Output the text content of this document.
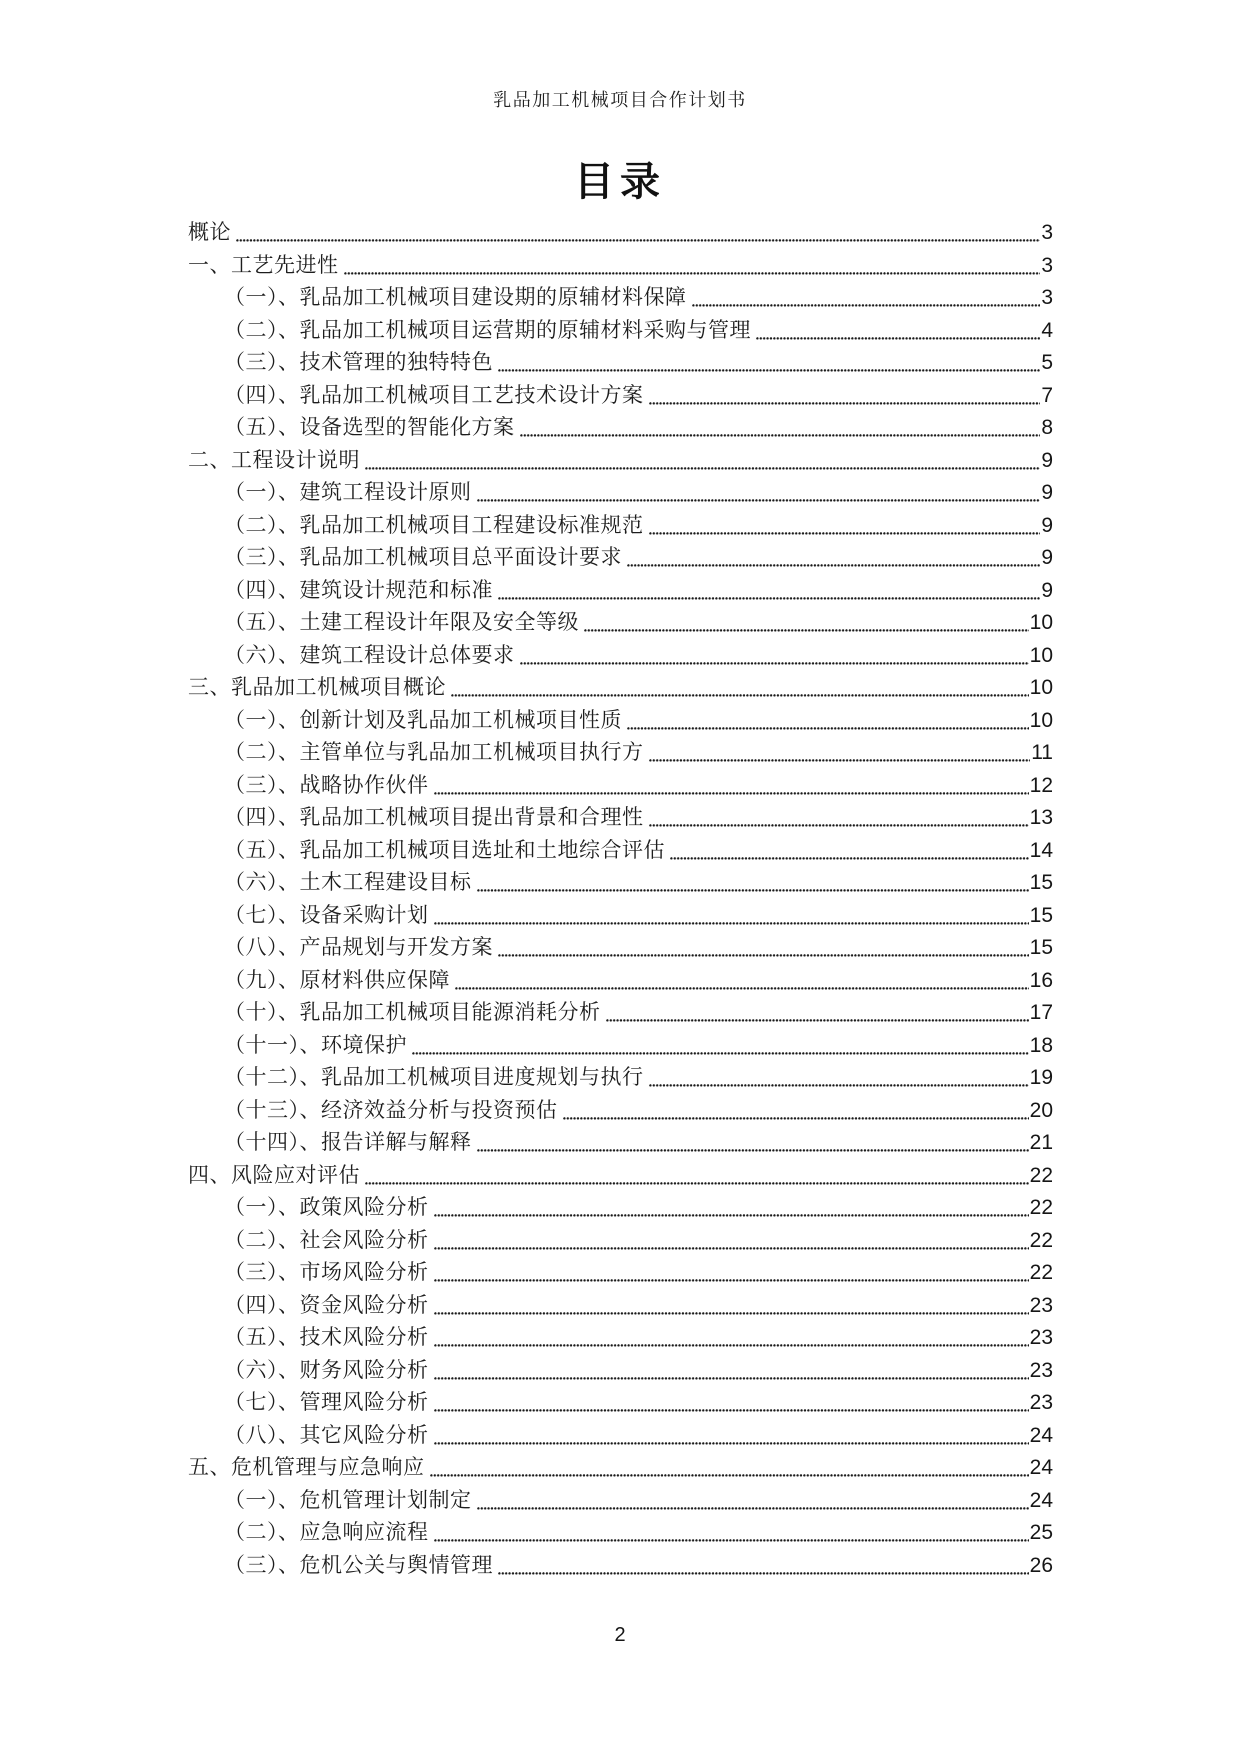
乳品加工机械项目合作计划书
目录
概论	3
一、工艺先进性	3
（一）、乳品加工机械项目建设期的原辅材料保障	3
（二）、乳品加工机械项目运营期的原辅材料采购与管理	4
（三）、技术管理的独特特色	5
（四）、乳品加工机械项目工艺技术设计方案	7
（五）、设备选型的智能化方案	8
二、工程设计说明	9
（一）、建筑工程设计原则	9
（二）、乳品加工机械项目工程建设标准规范	9
（三）、乳品加工机械项目总平面设计要求	9
（四）、建筑设计规范和标准	9
（五）、土建工程设计年限及安全等级	10
（六）、建筑工程设计总体要求	10
三、乳品加工机械项目概论	10
（一）、创新计划及乳品加工机械项目性质	10
（二）、主管单位与乳品加工机械项目执行方	11
（三）、战略协作伙伴	12
（四）、乳品加工机械项目提出背景和合理性	13
（五）、乳品加工机械项目选址和土地综合评估	14
（六）、土木工程建设目标	15
（七）、设备采购计划	15
（八）、产品规划与开发方案	15
（九）、原材料供应保障	16
（十）、乳品加工机械项目能源消耗分析	17
（十一）、环境保护	18
（十二）、乳品加工机械项目进度规划与执行	19
（十三）、经济效益分析与投资预估	20
（十四）、报告详解与解释	21
四、风险应对评估	22
（一）、政策风险分析	22
（二）、社会风险分析	22
（三）、市场风险分析	22
（四）、资金风险分析	23
（五）、技术风险分析	23
（六）、财务风险分析	23
（七）、管理风险分析	23
（八）、其它风险分析	24
五、危机管理与应急响应	24
（一）、危机管理计划制定	24
（二）、应急响应流程	25
（三）、危机公关与舆情管理	26
2
